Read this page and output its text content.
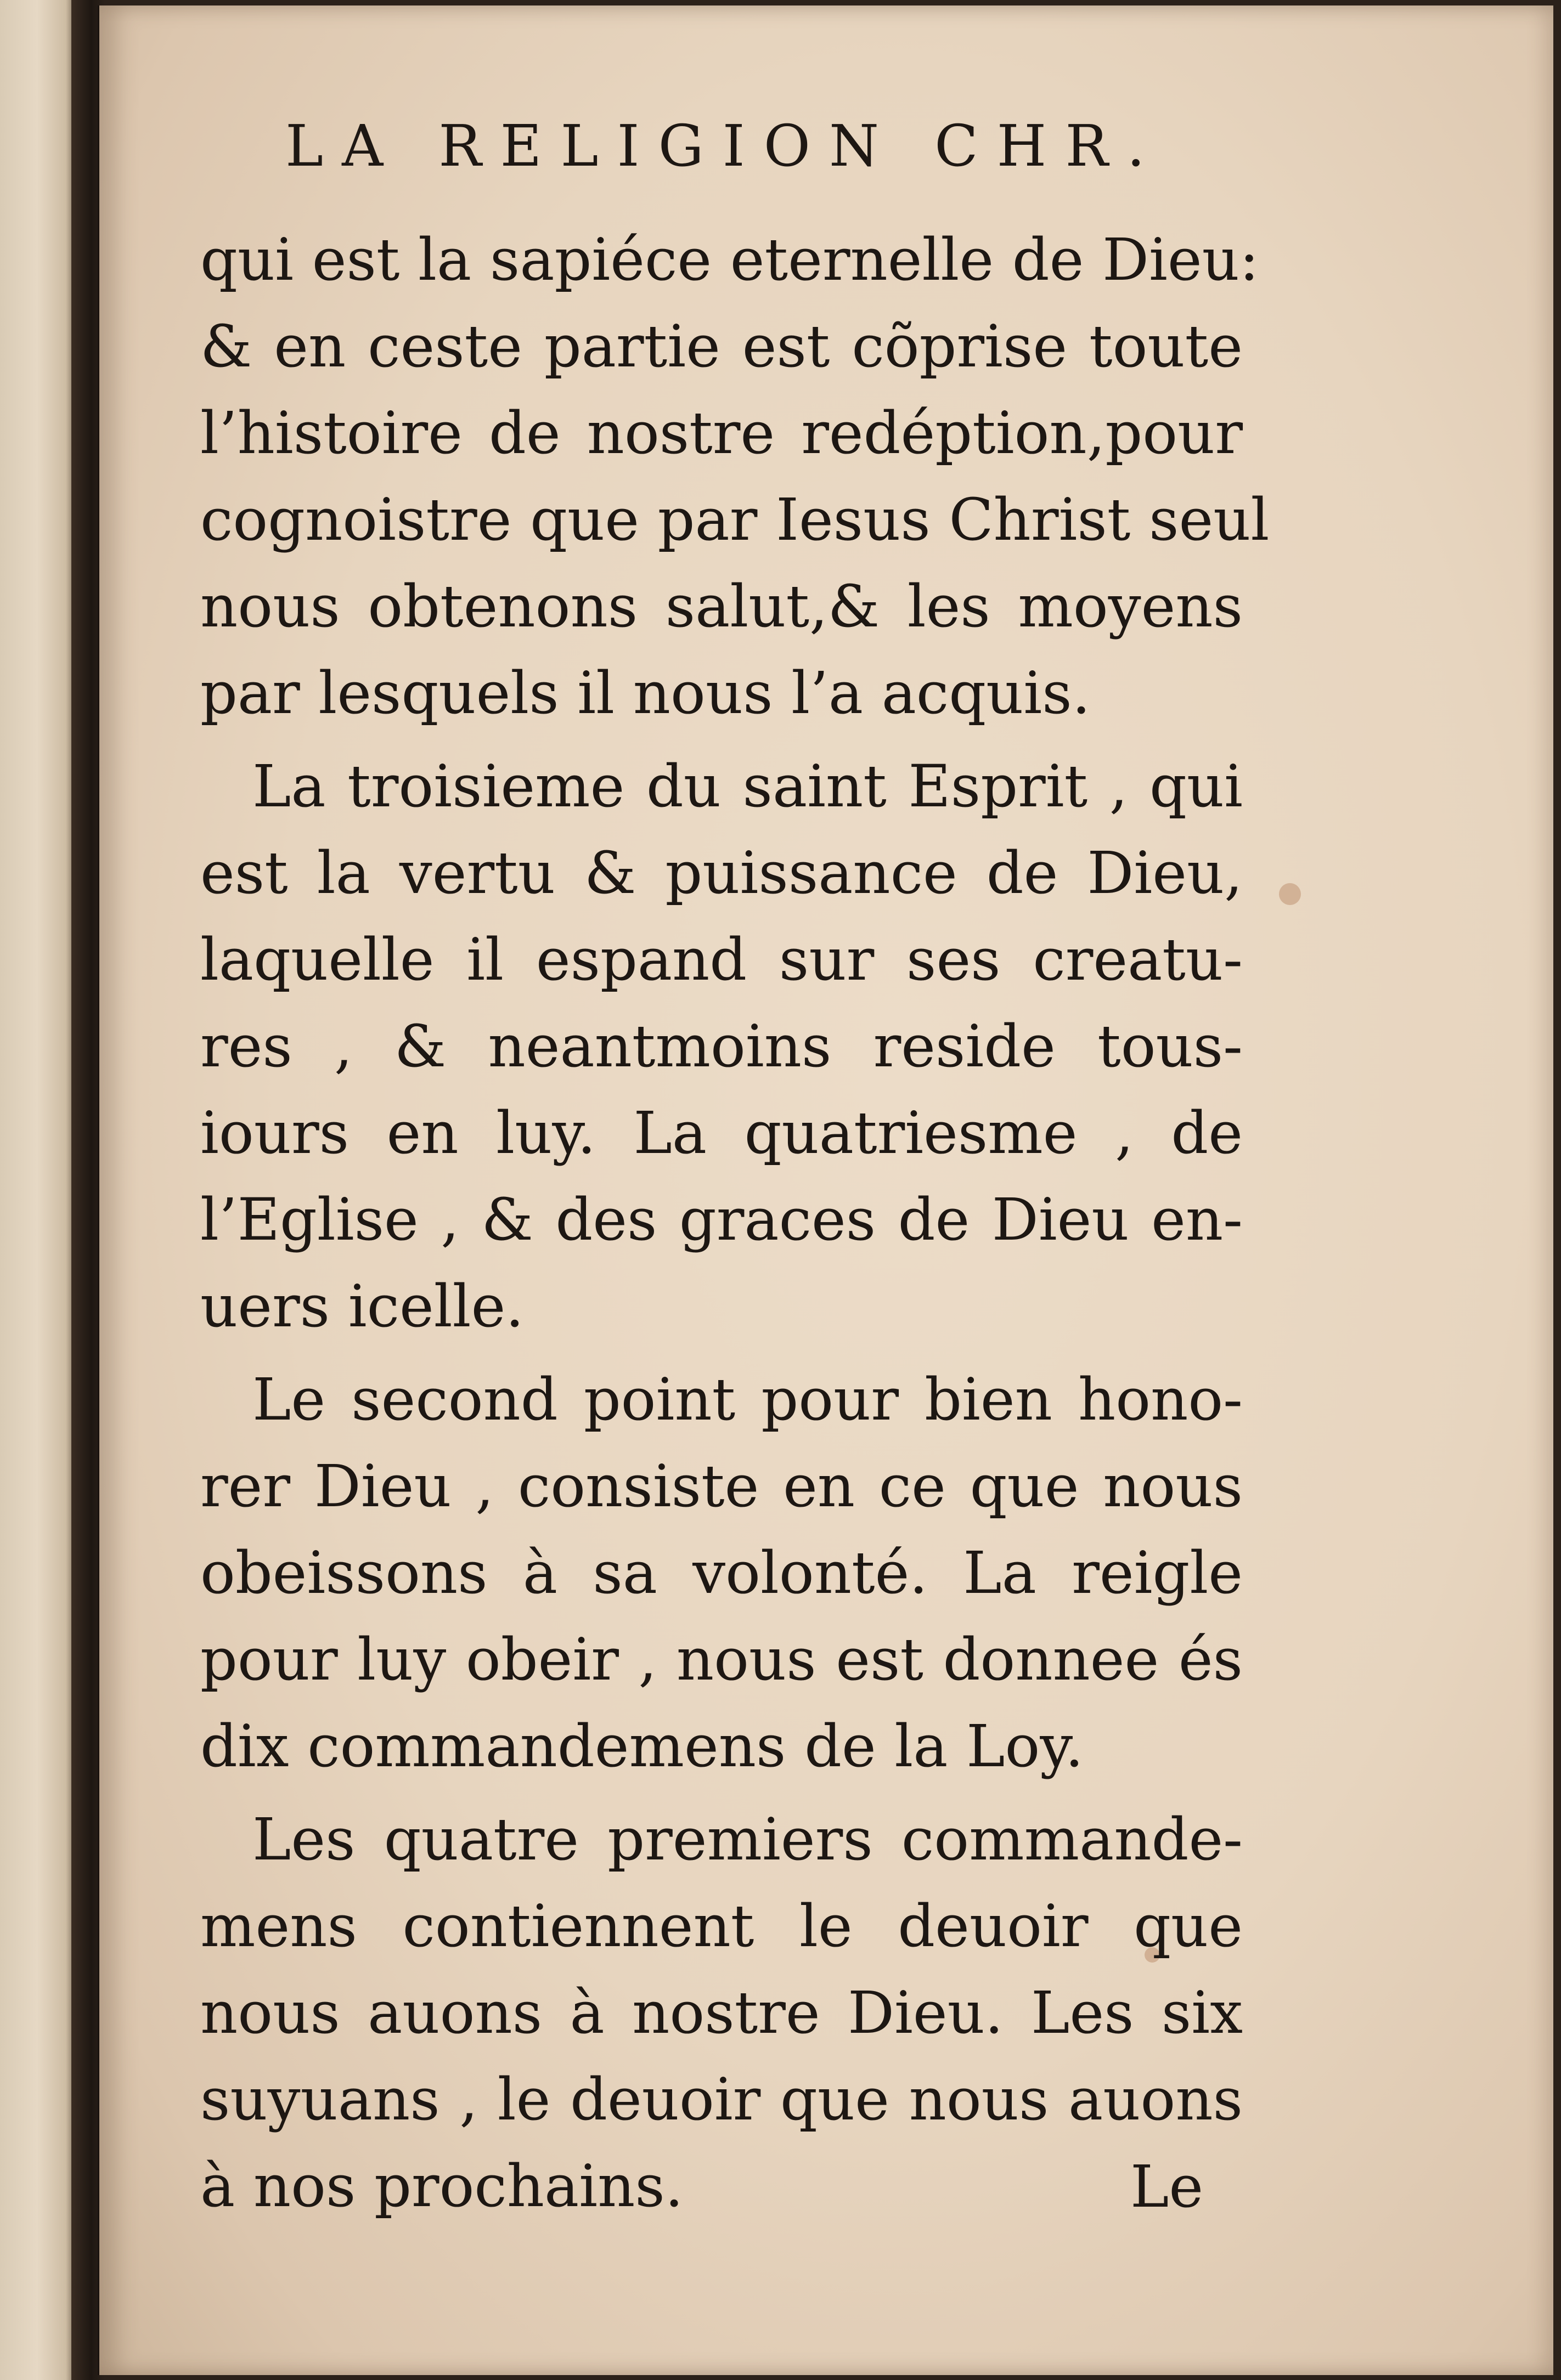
LA RELIGION CHR.
qui est la sapiéce eternelle de Dieu:
& en ceste partie est cõprise toute
l’histoire de nostre redéption,pour
cognoistre que par Iesus Christ seul
nous obtenons salut,& les moyens
par lesquels il nous l’a acquis.
La troisieme du saint Esprit , qui
est la vertu & puissance de Dieu,
laquelle il espand sur ses creatu-
res , & neantmoins reside tous-
iours en luy. La quatriesme , de
l’Eglise , & des graces de Dieu en-
uers icelle.
Le second point pour bien hono-
rer Dieu , consiste en ce que nous
obeissons à sa volonté. La reigle
pour luy obeir , nous est donnee és
dix commandemens de la Loy.
Les quatre premiers commande-
mens contiennent le deuoir que
nous auons à nostre Dieu. Les six
suyuans , le deuoir que nous auons
à nos prochains.	Le
